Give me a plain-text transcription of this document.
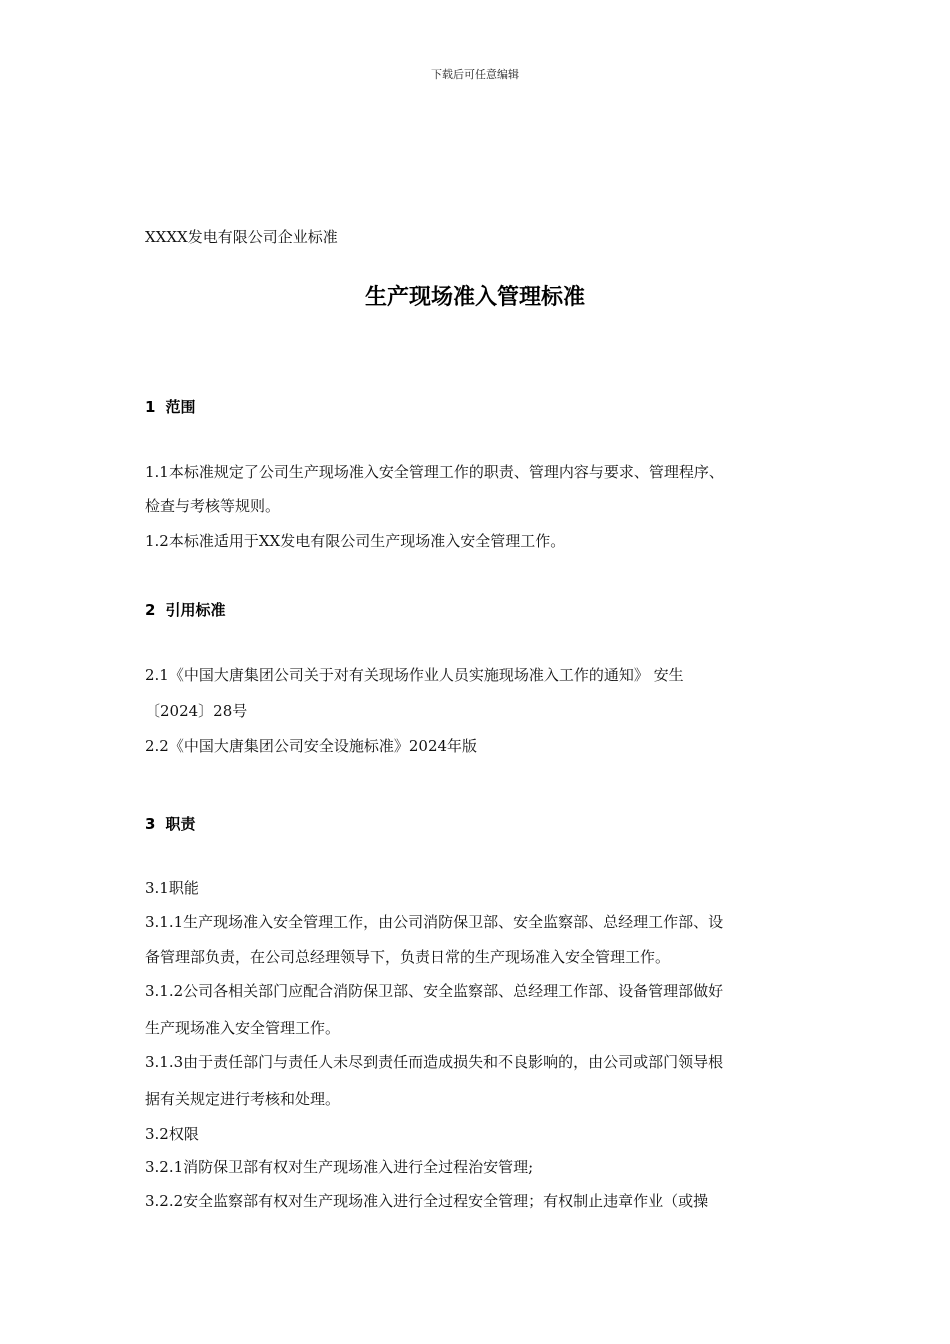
下载后可任意编辑
XXXX发电有限公司企业标准
生产现场准入管理标准
1 范围
1.1本标准规定了公司生产现场准入安全管理工作的职责、管理内容与要求、管理程序、
检查与考核等规则。
1.2本标准适用于XX发电有限公司生产现场准入安全管理工作。
2 引用标准
2.1《中国大唐集团公司关于对有关现场作业人员实施现场准入工作的通知》 安生
〔2024〕28号
2.2《中国大唐集团公司安全设施标准》2024年版
3 职责
3.1职能
3.1.1生产现场准入安全管理工作，由公司消防保卫部、安全监察部、总经理工作部、设
备管理部负责，在公司总经理领导下，负责日常的生产现场准入安全管理工作。
3.1.2公司各相关部门应配合消防保卫部、安全监察部、总经理工作部、设备管理部做好
生产现场准入安全管理工作。
3.1.3由于责任部门与责任人未尽到责任而造成损失和不良影响的，由公司或部门领导根
据有关规定进行考核和处理。
3.2权限
3.2.1消防保卫部有权对生产现场准入进行全过程治安管理;
3.2.2安全监察部有权对生产现场准入进行全过程安全管理；有权制止违章作业（或操
